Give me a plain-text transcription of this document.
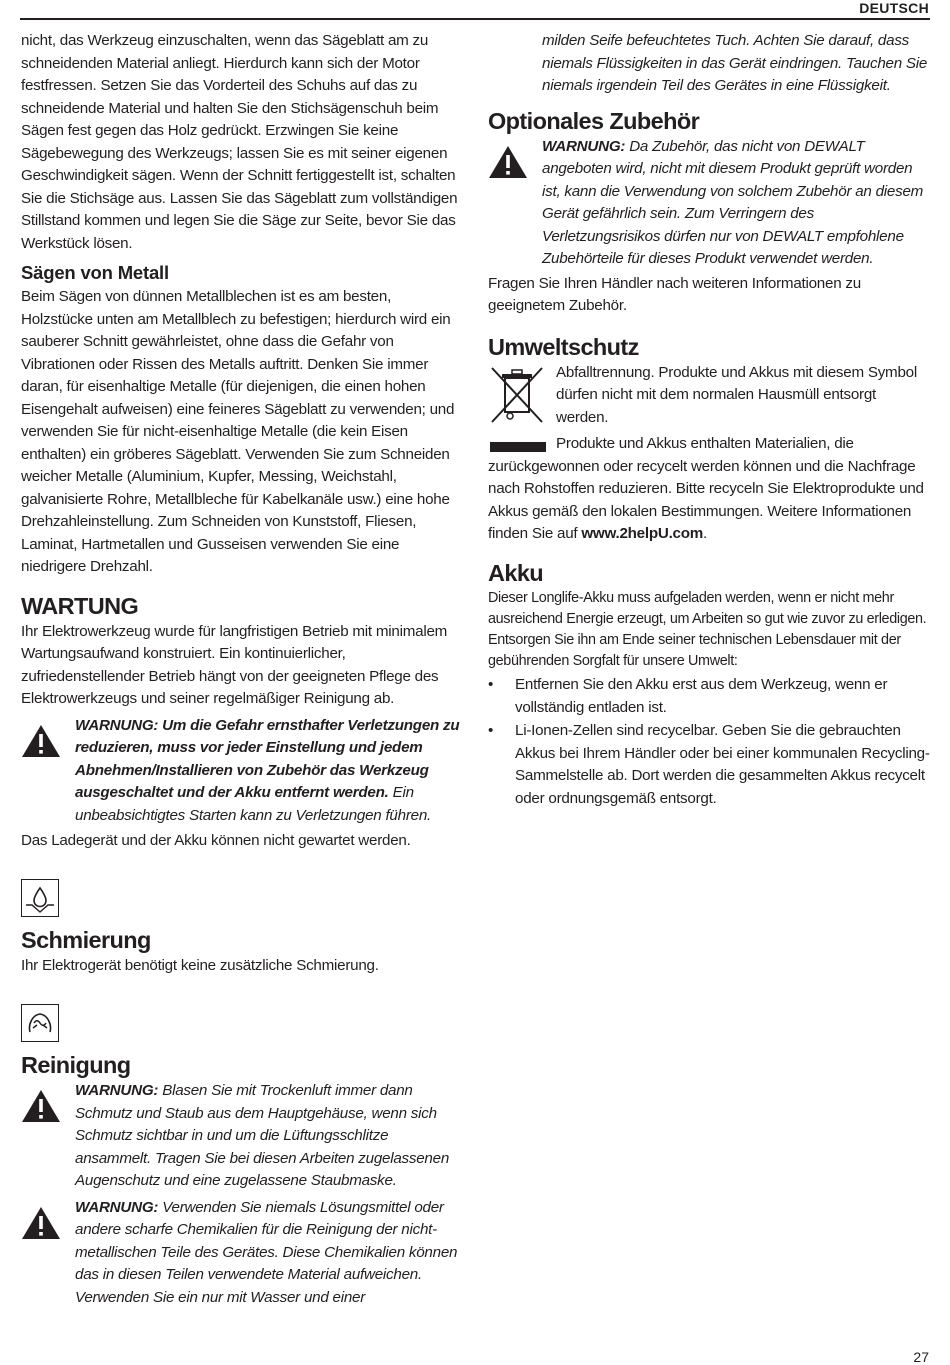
DEUTSCH

nicht, das Werkzeug einzuschalten, wenn das Sägeblatt am zu schneidenden Material anliegt. Hierdurch kann sich der Motor festfressen. Setzen Sie das Vorderteil des Schuhs auf das zu schneidende Material und halten Sie den Stichsägenschuh beim Sägen fest gegen das Holz gedrückt. Erzwingen Sie keine Sägebewegung des Werkzeugs; lassen Sie es mit seiner eigenen Geschwindigkeit sägen. Wenn der Schnitt fertiggestellt ist, schalten Sie die Stichsäge aus. Lassen Sie das Sägeblatt zum vollständigen Stillstand kommen und legen Sie die Säge zur Seite, bevor Sie das Werkstück lösen.

Sägen von Metall

Beim Sägen von dünnen Metallblechen ist es am besten, Holzstücke unten am Metallblech zu befestigen; hierdurch wird ein sauberer Schnitt gewährleistet, ohne dass die Gefahr von Vibrationen oder Rissen des Metalls auftritt. Denken Sie immer daran, für eisenhaltige Metalle (für diejenigen, die einen hohen Eisengehalt aufweisen) eine feineres Sägeblatt zu verwenden; und verwenden Sie für nicht-eisenhaltige Metalle (die kein Eisen enthalten) ein gröberes Sägeblatt. Verwenden Sie zum Schneiden weicher Metalle (Aluminium, Kupfer, Messing, Weichstahl, galvanisierte Rohre, Metallbleche für Kabelkanäle usw.) eine hohe Drehzahleinstellung. Zum Schneiden von Kunststoff, Fliesen, Laminat, Hartmetallen und Gusseisen verwenden Sie eine niedrigere Drehzahl.

WARTUNG

Ihr Elektrowerkzeug wurde für langfristigen Betrieb mit minimalem Wartungsaufwand konstruiert. Ein kontinuierlicher, zufriedenstellender Betrieb hängt von der geeigneten Pflege des Elektrowerkzeugs und seiner regelmäßiger Reinigung ab.

WARNUNG: Um die Gefahr ernsthafter Verletzungen zu reduzieren, muss vor jeder Einstellung und jedem Abnehmen/Installieren von Zubehör das Werkzeug ausgeschaltet und der Akku entfernt werden. Ein unbeabsichtigtes Starten kann zu Verletzungen führen.

Das Ladegerät und der Akku können nicht gewartet werden.

Schmierung

Ihr Elektrogerät benötigt keine zusätzliche Schmierung.

Reinigung
WARNUNG: Blasen Sie mit Trockenluft immer dann Schmutz und Staub aus dem Hauptgehäuse, wenn sich Schmutz sichtbar in und um die Lüftungsschlitze ansammelt. Tragen Sie bei diesen Arbeiten zugelassenen Augenschutz und eine zugelassene Staubmaske.
WARNUNG: Verwenden Sie niemals Lösungsmittel oder andere scharfe Chemikalien für die Reinigung der nicht-metallischen Teile des Gerätes. Diese Chemikalien können das in diesen Teilen verwendete Material aufweichen. Verwenden Sie ein nur mit Wasser und einer

milden Seife befeuchtetes Tuch. Achten Sie darauf, dass niemals Flüssigkeiten in das Gerät eindringen. Tauchen Sie niemals irgendein Teil des Gerätes in eine Flüssigkeit.

Optionales Zubehör
WARNUNG: Da Zubehör, das nicht von DEWALT angeboten wird, nicht mit diesem Produkt geprüft worden ist, kann die Verwendung von solchem Zubehör an diesem Gerät gefährlich sein. Zum Verringern des Verletzungsrisikos dürfen nur von DEWALT empfohlene Zubehörteile für dieses Produkt verwendet werden.

Fragen Sie Ihren Händler nach weiteren Informationen zu geeignetem Zubehör.

Umweltschutz

Abfalltrennung. Produkte und Akkus mit diesem Symbol dürfen nicht mit dem normalen Hausmüll entsorgt werden.

Produkte und Akkus enthalten Materialien, die zurückgewonnen oder recycelt werden können und die Nachfrage nach Rohstoffen reduzieren. Bitte recyceln Sie Elektroprodukte und Akkus gemäß den lokalen Bestimmungen. Weitere Informationen finden Sie auf www.2helpU.com.

Akku

Dieser Longlife-Akku muss aufgeladen werden, wenn er nicht mehr ausreichend Energie erzeugt, um Arbeiten so gut wie zuvor zu erledigen. Entsorgen Sie ihn am Ende seiner technischen Lebensdauer mit der gebührenden Sorgfalt für unsere Umwelt:

• Entfernen Sie den Akku erst aus dem Werkzeug, wenn er vollständig entladen ist.
• Li-Ionen-Zellen sind recycelbar. Geben Sie die gebrauchten Akkus bei Ihrem Händler oder bei einer kommunalen Recycling-Sammelstelle ab. Dort werden die gesammelten Akkus recycelt oder ordnungsgemäß entsorgt.
27
